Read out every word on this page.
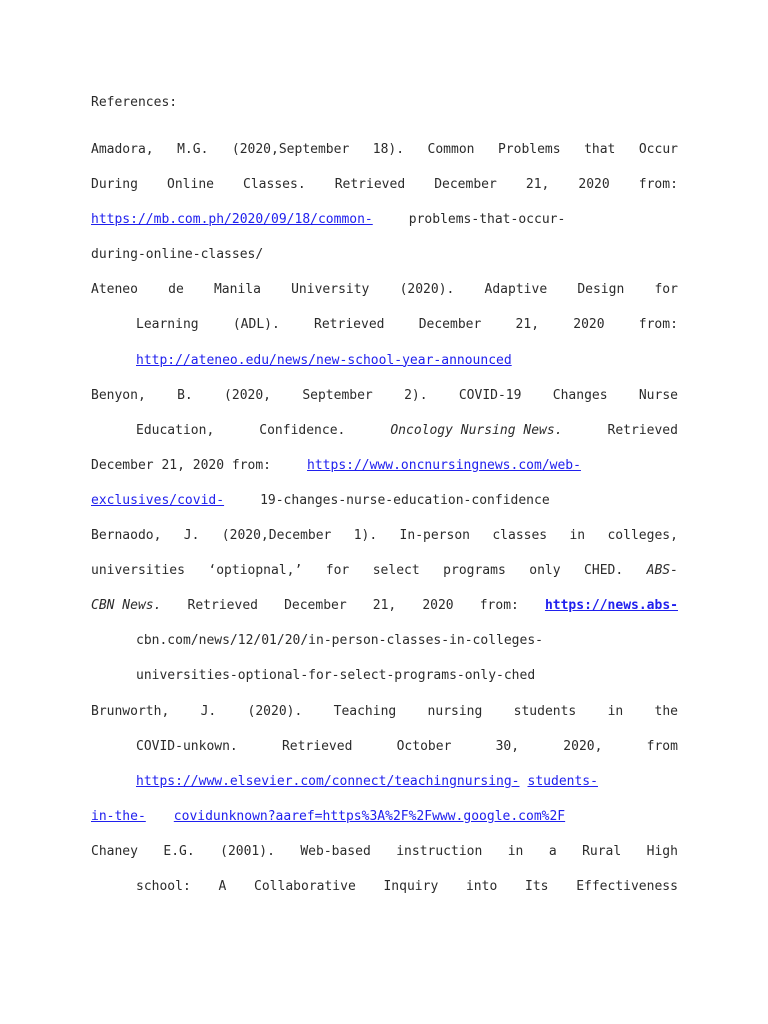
References:
Amadora, M.G. (2020,September 18). Common Problems that Occur
During Online Classes. Retrieved December 21, 2020 from:
https://mb.com.ph/2020/09/18/common-	problems-that-occur-
during-online-classes/
Ateneo de Manila University (2020). Adaptive Design for
Learning	(ADL).	Retrieved	December	21,	2020	from:
http://ateneo.edu/news/new-school-year-announced
Benyon, B. (2020, September 2). COVID-19 Changes Nurse
Education,	Confidence.	Oncology Nursing News.	Retrieved
December 21, 2020 from:	https://www.oncnursingnews.com/web-
exclusives/covid-	19-changes-nurse-education-confidence
Bernaodo, J. (2020,December 1). In-person classes in colleges,
universities ‘optiopnal,’ for select programs only CHED. ABS-
CBN News. Retrieved December 21, 2020 from: https://news.abs-
cbn.com/news/12/01/20/in-person-classes-in-colleges-
universities-optional-for-select-programs-only-ched
Brunworth, J. (2020). Teaching nursing students in the
COVID-unkown.	Retrieved	October	30,	2020,	from
https://www.elsevier.com/connect/teachingnursing- students-
in-the- covidunknown?aaref=https%3A%2F%2Fwww.google.com%2F
Chaney E.G. (2001). Web-based instruction in a Rural High
school: A Collaborative Inquiry into Its Effectiveness
